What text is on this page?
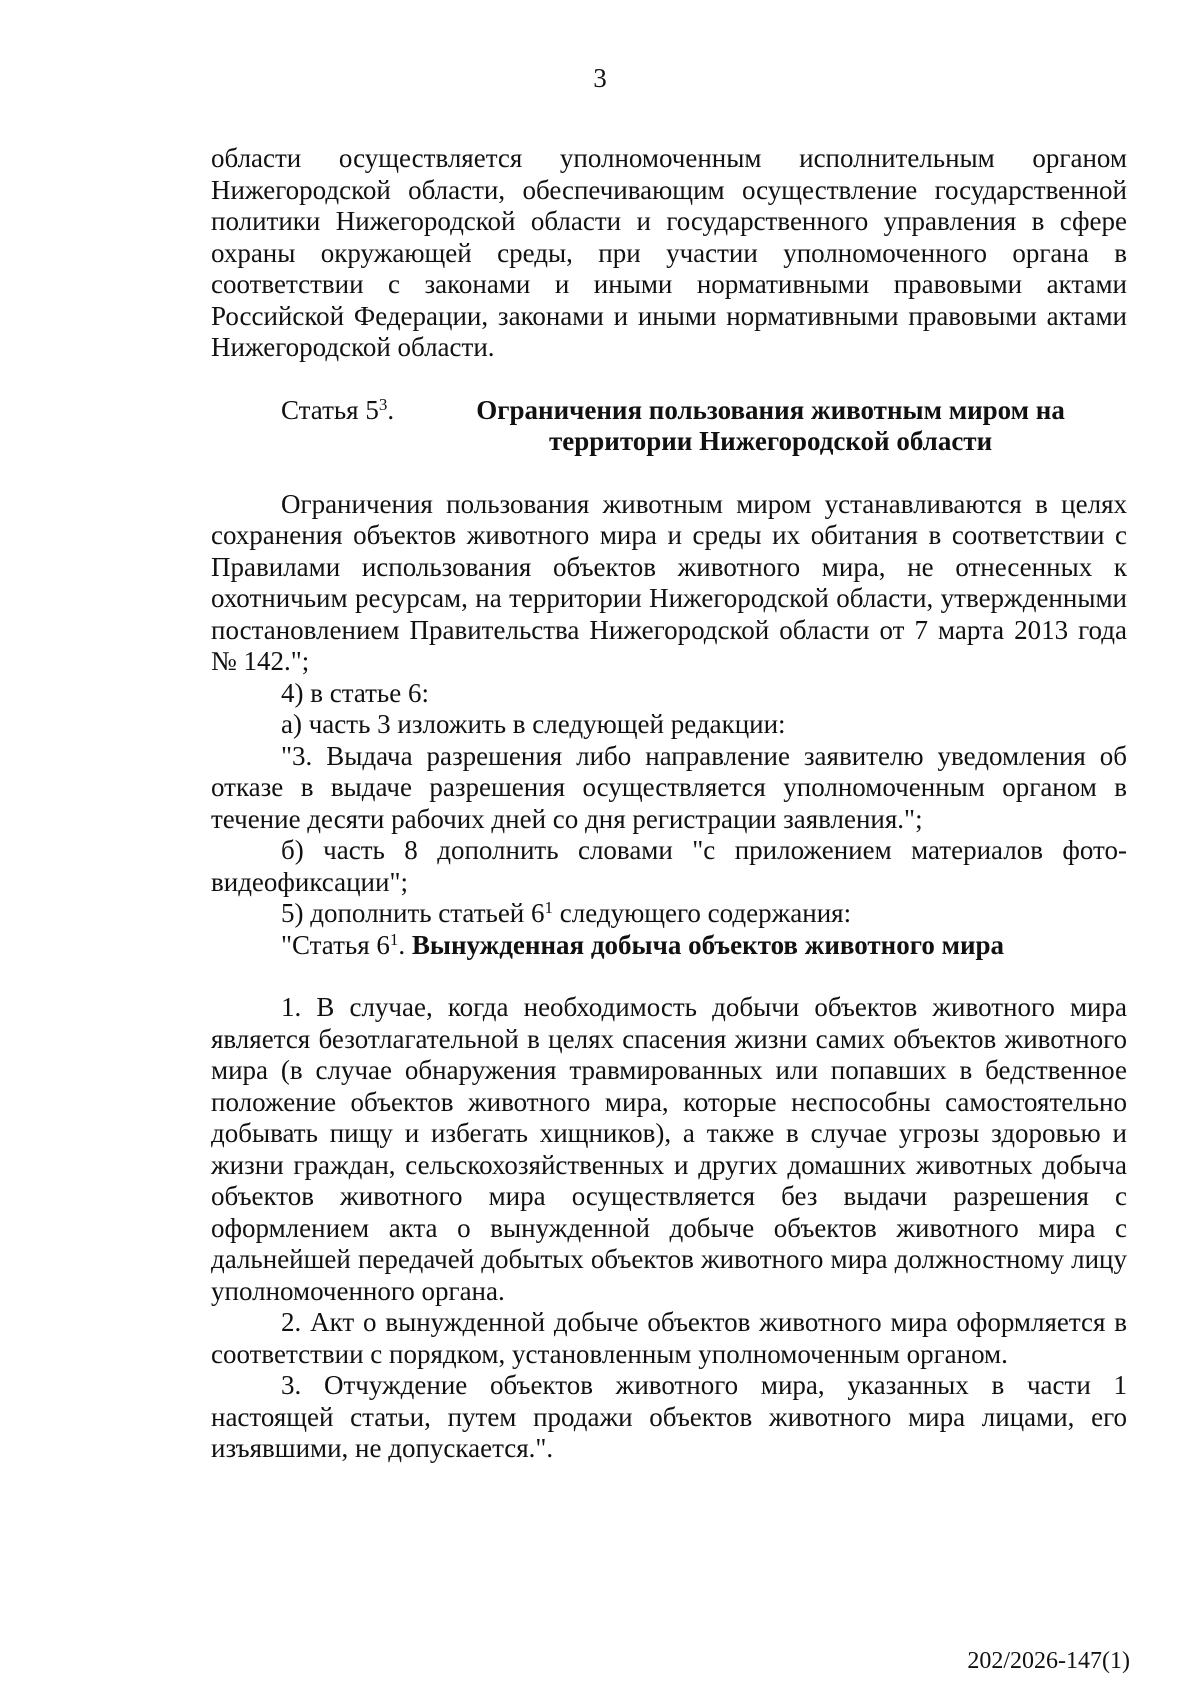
3

области осуществляется уполномоченным исполнительным органом Нижегородской области, обеспечивающим осуществление государственной политики Нижегородской области и государственного управления в сфере охраны окружающей среды, при участии уполномоченного органа в соответствии с законами и иными нормативными правовыми актами Российской Федерации, законами и иными нормативными правовыми актами Нижегородской области.

Статья $5^3$.	Ограничения пользования животным миром на территории Нижегородской области

Ограничения пользования животным миром устанавливаются в целях сохранения объектов животного мира и среды их обитания в соответствии с Правилами использования объектов животного мира, не отнесенных к охотничьим ресурсам, на территории Нижегородской области, утвержденными постановлением Правительства Нижегородской области от 7 марта 2013 года № 142.";

4) в статье 6:

а) часть 3 изложить в следующей редакции:

"3. Выдача разрешения либо направление заявителю уведомления об отказе в выдаче разрешения осуществляется уполномоченным органом в течение десяти рабочих дней со дня регистрации заявления.";

б) часть 8 дополнить словами "с приложением материалов фото-видеофиксации";

5) дополнить статьей $6^1$ следующего содержания:

"Статья $6^1$. Вынужденная добыча объектов животного мира

1. В случае, когда необходимость добычи объектов животного мира является безотлагательной в целях спасения жизни самих объектов животного мира (в случае обнаружения травмированных или попавших в бедственное положение объектов животного мира, которые неспособны самостоятельно добывать пищу и избегать хищников), а также в случае угрозы здоровью и жизни граждан, сельскохозяйственных и других домашних животных добыча объектов животного мира осуществляется без выдачи разрешения с оформлением акта о вынужденной добыче объектов животного мира с дальнейшей передачей добытых объектов животного мира должностному лицу уполномоченного органа.

2. Акт о вынужденной добыче объектов животного мира оформляется в соответствии с порядком, установленным уполномоченным органом.

3. Отчуждение объектов животного мира, указанных в части 1 настоящей статьи, путем продажи объектов животного мира лицами, его изъявшими, не допускается.".

202/2026-147(1)
